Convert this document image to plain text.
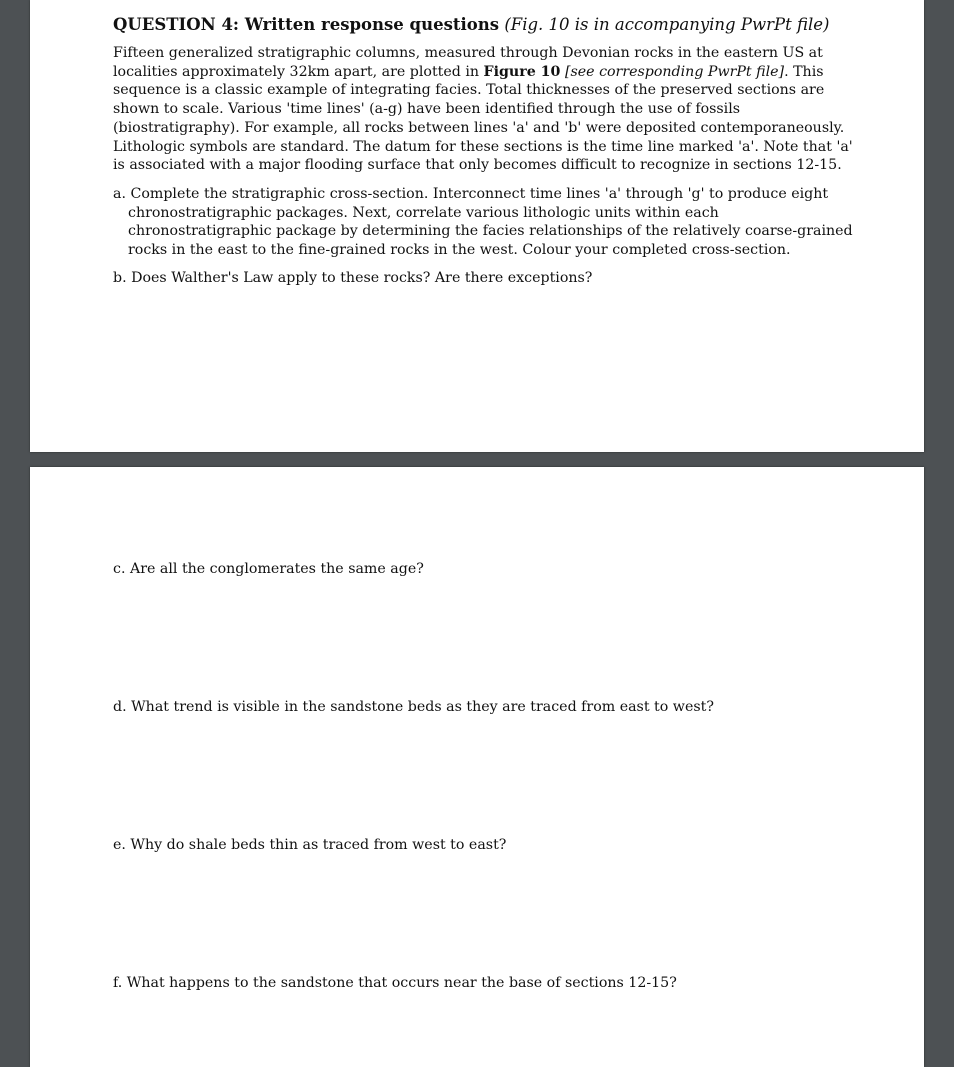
QUESTION 4: Written response questions (Fig. 10 is in accompanying PwrPt file)
Fifteen generalized stratigraphic columns, measured through Devonian rocks in the eastern US at localities approximately 32km apart, are plotted in Figure 10 [see corresponding PwrPt file]. This sequence is a classic example of integrating facies. Total thicknesses of the preserved sections are shown to scale. Various 'time lines' (a-g) have been identified through the use of fossils (biostratigraphy). For example, all rocks between lines 'a' and 'b' were deposited contemporaneously. Lithologic symbols are standard. The datum for these sections is the time line marked 'a'. Note that 'a' is associated with a major flooding surface that only becomes difficult to recognize in sections 12-15.
a. Complete the stratigraphic cross-section. Interconnect time lines 'a' through 'g' to produce eight chronostratigraphic packages. Next, correlate various lithologic units within each chronostratigraphic package by determining the facies relationships of the relatively coarse-grained rocks in the east to the fine-grained rocks in the west. Colour your completed cross-section.
b. Does Walther's Law apply to these rocks? Are there exceptions?
c. Are all the conglomerates the same age?
d. What trend is visible in the sandstone beds as they are traced from east to west?
e. Why do shale beds thin as traced from west to east?
f. What happens to the sandstone that occurs near the base of sections 12-15?
